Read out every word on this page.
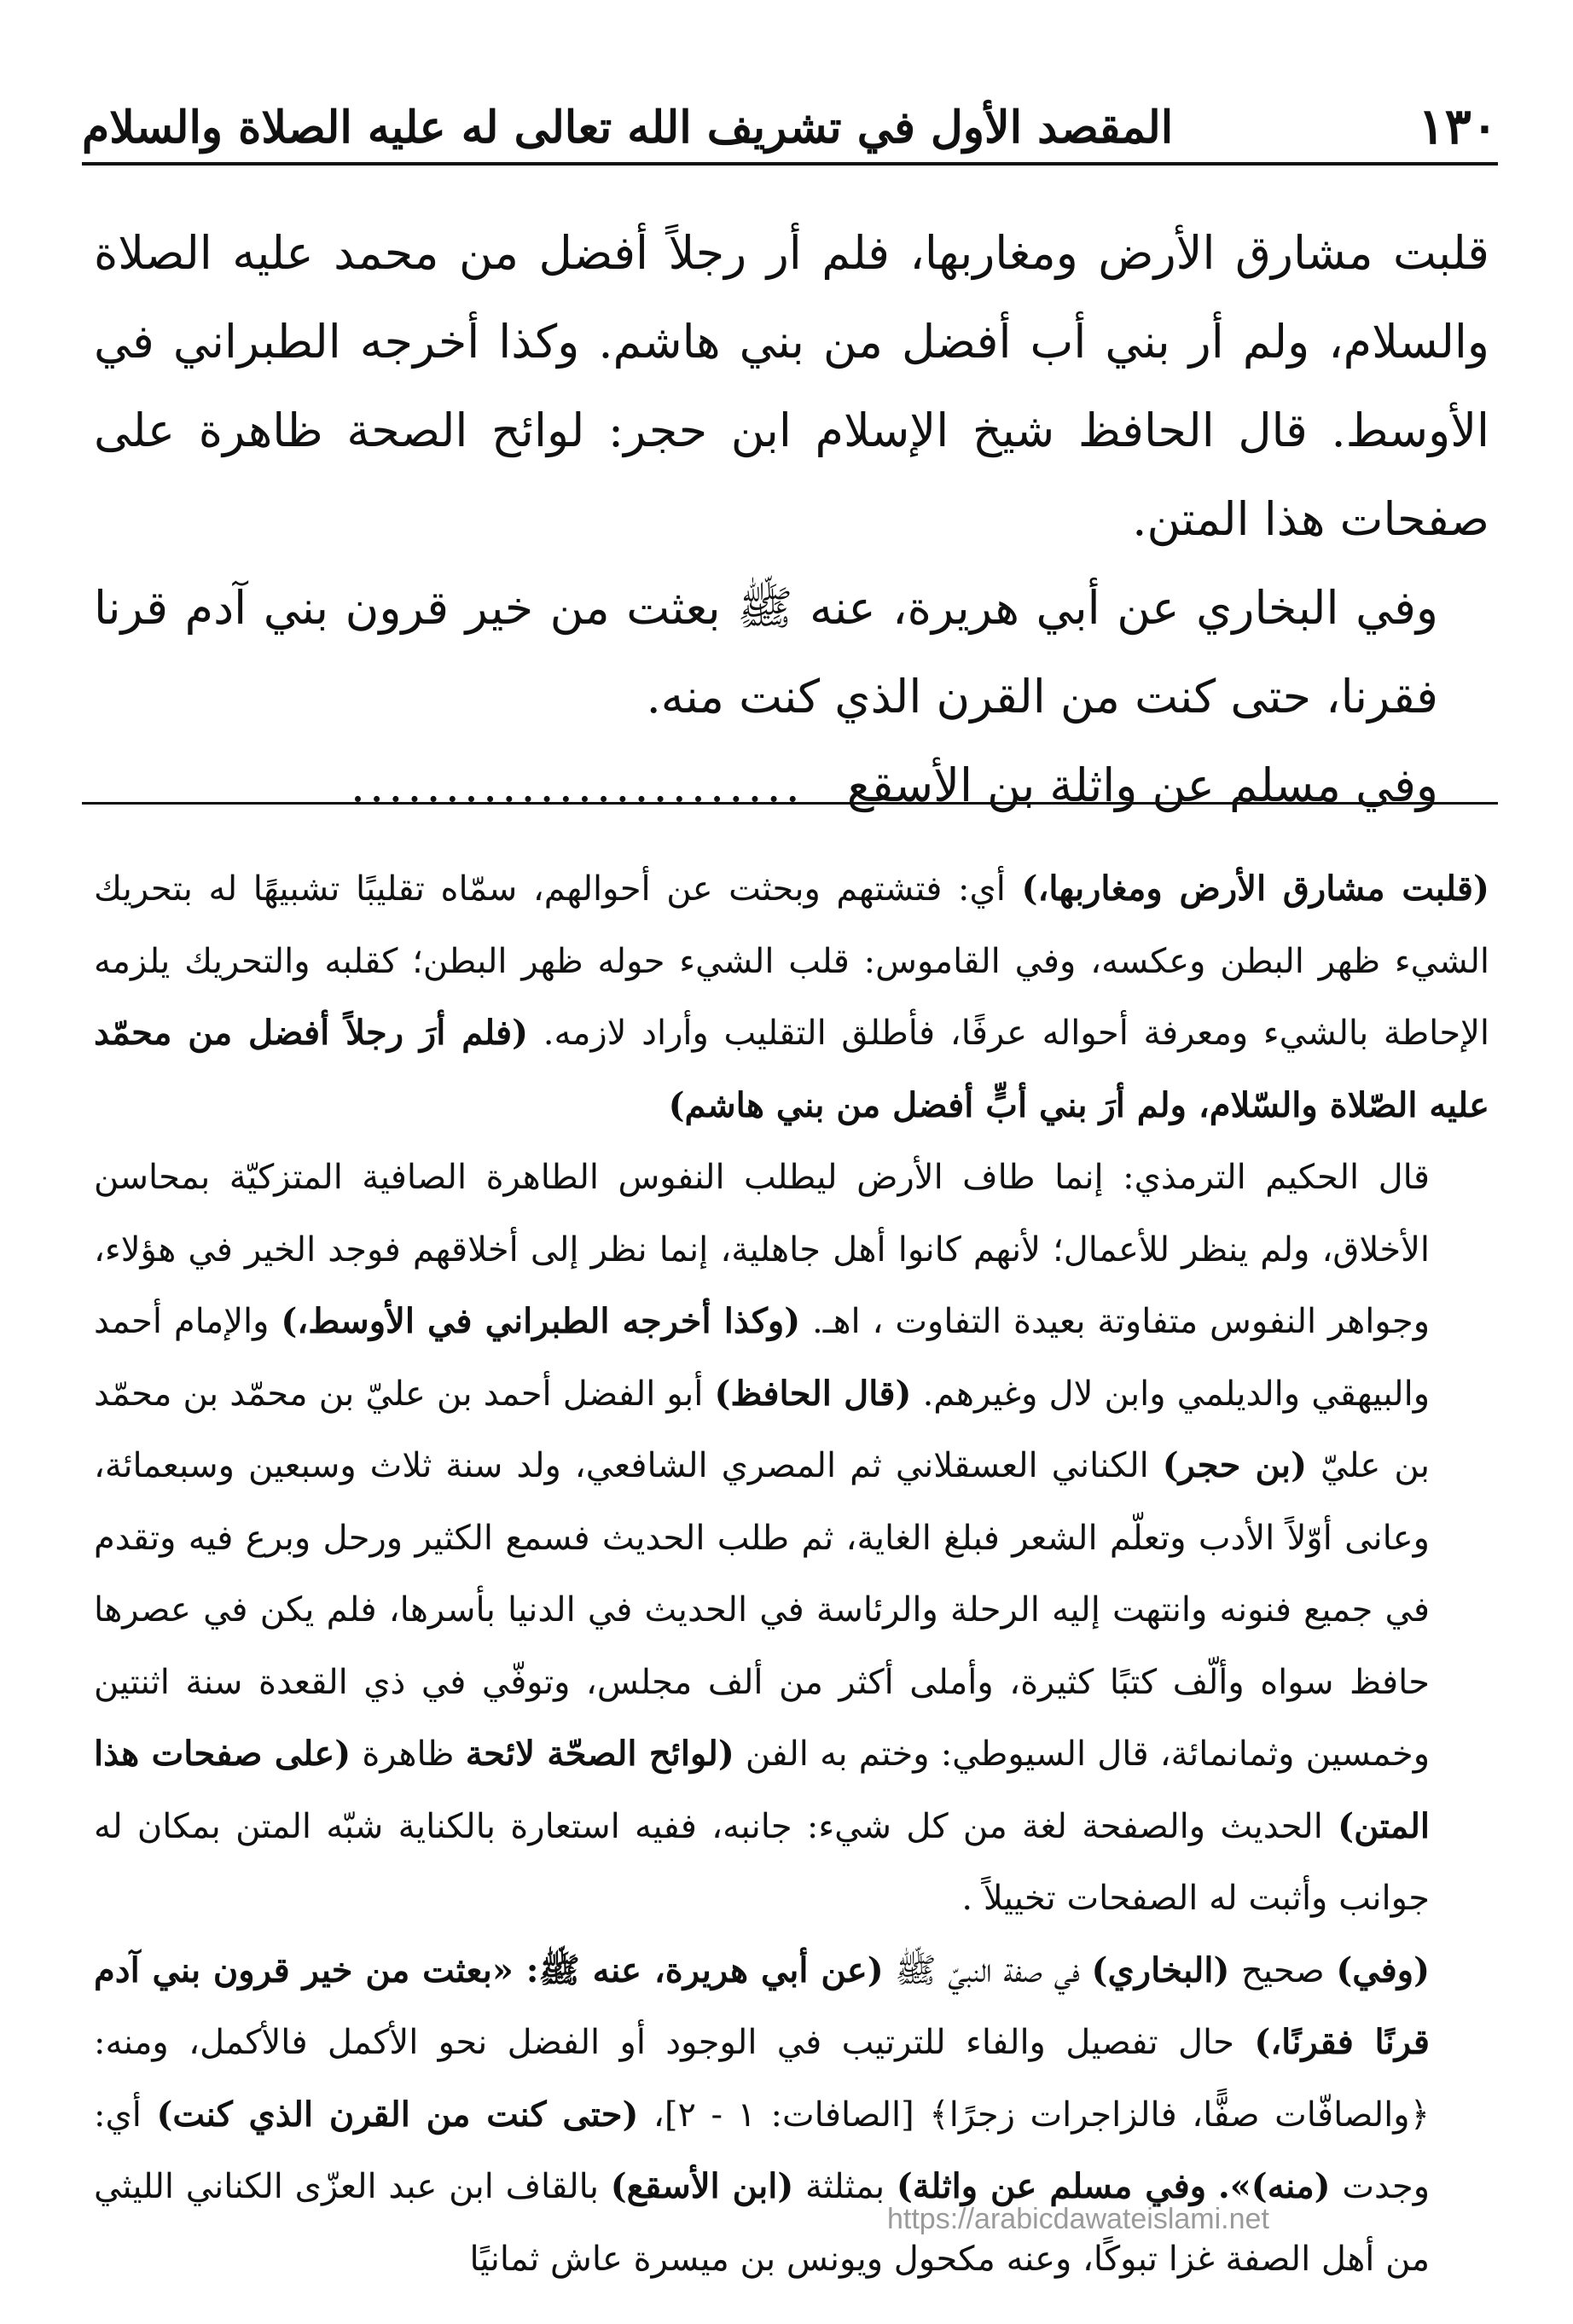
١٣٠
المقصد الأول في تشريف الله تعالى له عليه الصلاة والسلام

قلبت مشارق الأرض ومغاربها، فلم أر رجلاً أفضل من محمد عليه الصلاة والسلام، ولم أر بني أب أفضل من بني هاشم. وكذا أخرجه الطبراني في الأوسط. قال الحافظ شيخ الإسلام ابن حجر: لوائح الصحة ظاهرة على صفحات هذا المتن.

وفي البخاري عن أبي هريرة، عنه ﷺ بعثت من خير قرون بني آدم قرنا فقرنا، حتى كنت من القرن الذي كنت منه.

وفي مسلم عن واثلة بن الأسقع
........................

(قلبت مشارق الأرض ومغاربها،) أي: فتشتهم وبحثت عن أحوالهم، سمّاه تقليبًا تشبيهًا له بتحريك الشيء ظهر البطن وعكسه، وفي القاموس: قلب الشيء حوله ظهر البطن؛ كقلبه والتحريك يلزمه الإحاطة بالشيء ومعرفة أحواله عرفًا، فأطلق التقليب وأراد لازمه. (فلم أرَ رجلاً أفضل من محمّد عليه الصّلاة والسّلام، ولم أرَ بني أبٍّ أفضل من بني هاشم)

قال الحكيم الترمذي: إنما طاف الأرض ليطلب النفوس الطاهرة الصافية المتزكيّة بمحاسن الأخلاق، ولم ينظر للأعمال؛ لأنهم كانوا أهل جاهلية، إنما نظر إلى أخلاقهم فوجد الخير في هؤلاء، وجواهر النفوس متفاوتة بعيدة التفاوت ، اهـ. (وكذا أخرجه الطبراني في الأوسط،) والإمام أحمد والبيهقي والديلمي وابن لال وغيرهم. (قال الحافظ) أبو الفضل أحمد بن عليّ بن محمّد بن محمّد بن عليّ (بن حجر) الكناني العسقلاني ثم المصري الشافعي، ولد سنة ثلاث وسبعين وسبعمائة، وعانى أوّلاً الأدب وتعلّم الشعر فبلغ الغاية، ثم طلب الحديث فسمع الكثير ورحل وبرع فيه وتقدم في جميع فنونه وانتهت إليه الرحلة والرئاسة في الحديث في الدنيا بأسرها، فلم يكن في عصرها حافظ سواه وألّف كتبًا كثيرة، وأملى أكثر من ألف مجلس، وتوفّي في ذي القعدة سنة اثنتين وخمسين وثمانمائة، قال السيوطي: وختم به الفن (لوائح الصحّة لائحة ظاهرة (على صفحات هذا المتن) الحديث والصفحة لغة من كل شيء: جانبه، ففيه استعارة بالكناية شبّه المتن بمكان له جوانب وأثبت له الصفحات تخييلاً .

(وفي) صحيح (البخاري) في صفة النبيّ ﷺ (عن أبي هريرة، عنه ﷺ: «بعثت من خير قرون بني آدم قرنًا فقرنًا،) حال تفصيل والفاء للترتيب في الوجود أو الفضل نحو الأكمل فالأكمل، ومنه: ﴿والصافّات صفًّا، فالزاجرات زجرًا﴾ [الصافات: ١ - ٢]، (حتى كنت من القرن الذي كنت) أي: وجدت (منه)». وفي مسلم عن واثلة) بمثلثة (ابن الأسقع) بالقاف ابن عبد العزّى الكناني الليثي من أهل الصفة غزا تبوكًا، وعنه مكحول ويونس بن ميسرة عاش ثمانيًا

https://arabicdawateislami.net
